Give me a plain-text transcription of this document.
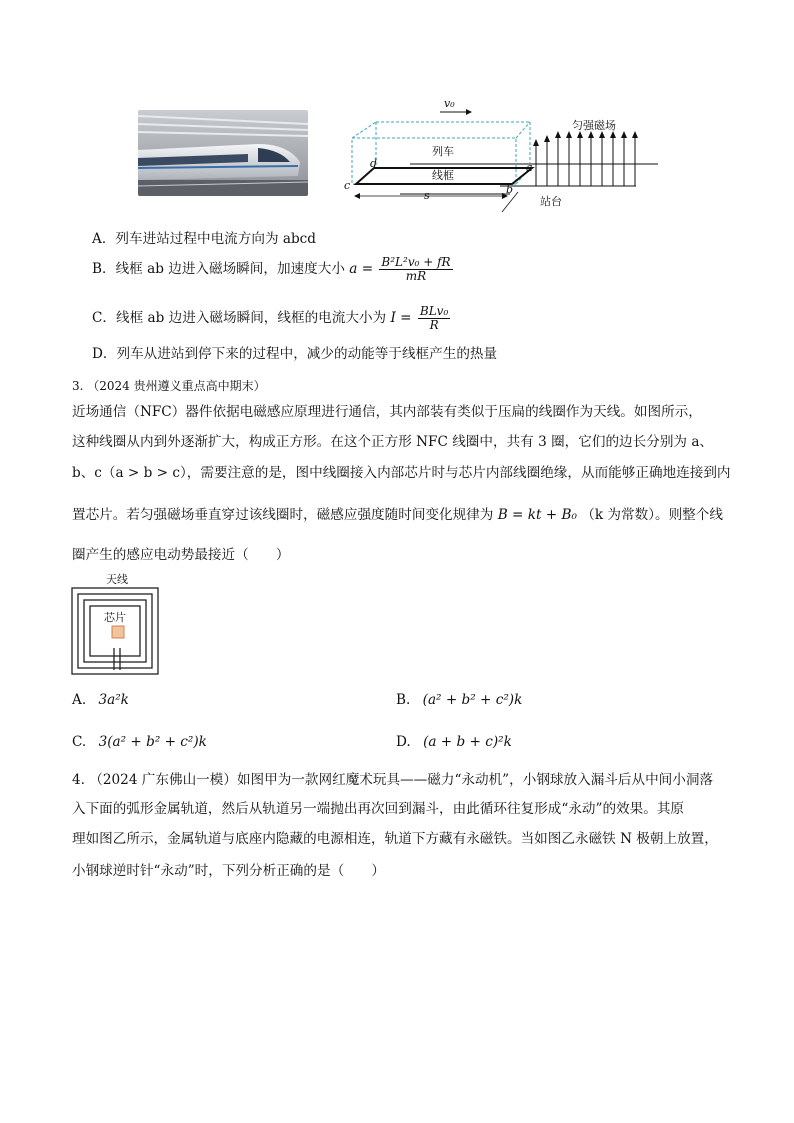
v₀
匀强磁场
列车
线框
d
c
a
b
s	站台
A．列车进站过程中电流方向为 abcd
B．线框 ab 边进入磁场瞬间，加速度大小 $a = \frac{\text{B²L²v₀ + fR}}{mR}$
C．线框 ab 边进入磁场瞬间，线框的电流大小为 $I = \frac{\text{BLv₀}}{R}$
D．列车从进站到停下来的过程中，减少的动能等于线框产生的热量
3. （2024 贵州遵义重点高中期末）
近场通信（NFC）器件依据电磁感应原理进行通信，其内部装有类似于压扁的线圈作为天线。如图所示，
这种线圈从内到外逐渐扩大，构成正方形。在这个正方形 NFC 线圈中，共有 3 圈，它们的边长分别为 a、
b、c（a > b > c），需要注意的是，图中线圈接入内部芯片时与芯片内部线圈绝缘，从而能够正确地连接到内
置芯片。若匀强磁场垂直穿过该线圈时，磁感应强度随时间变化规律为 B = kt + B₀ （k 为常数）。则整个线
圈产生的感应电动势最接近（　　）
天线
芯片
A. 3a²k	B. (a² + b² + c²)k
C. 3(a² + b² + c²)k	D. (a + b + c)²k
4. （2024 广东佛山一模）如图甲为一款网红魔术玩具——磁力“永动机”，小钢球放入漏斗后从中间小洞落
入下面的弧形金属轨道，然后从轨道另一端抛出再次回到漏斗，由此循环往复形成“永动”的效果。其原
理如图乙所示，金属轨道与底座内隐藏的电源相连，轨道下方藏有永磁铁。当如图乙永磁铁 N 极朝上放置，
小钢球逆时针“永动”时，下列分析正确的是（　　）
